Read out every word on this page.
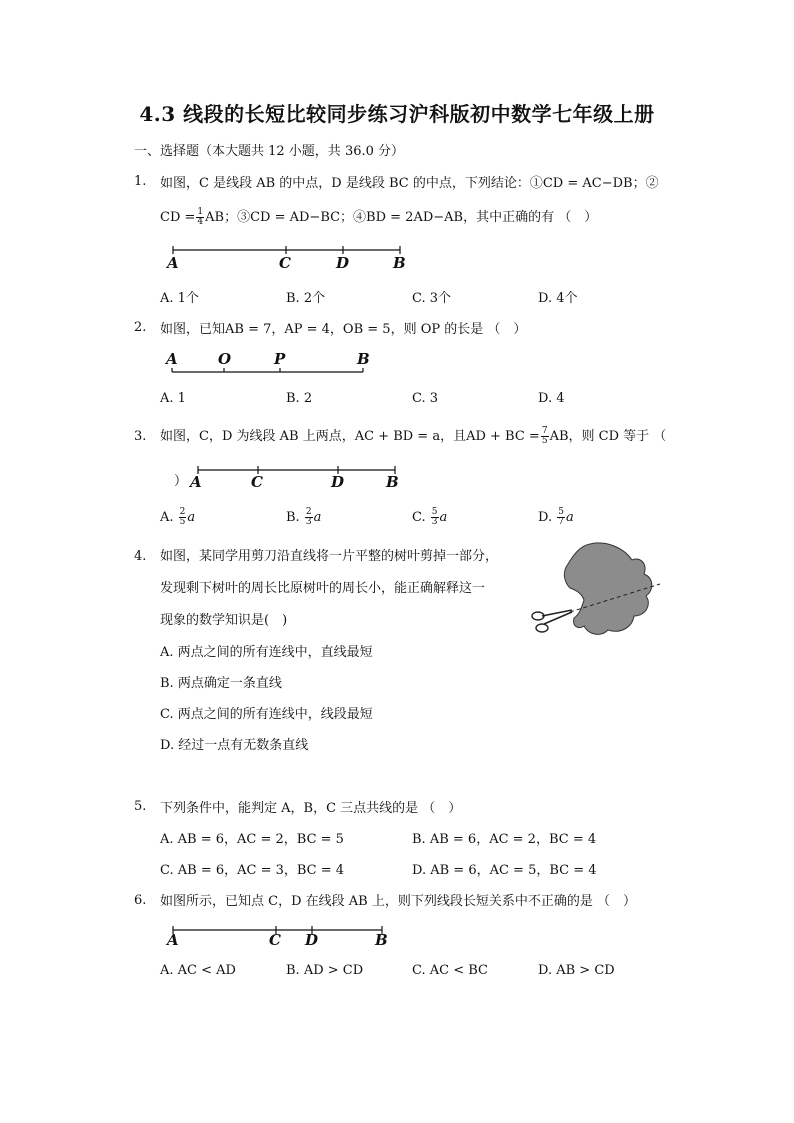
4.3 线段的长短比较同步练习沪科版初中数学七年级上册
一、选择题（本大题共 12 小题，共 36.0 分）
1. 如图，C 是线段 AB 的中点，D 是线段 BC 的中点，下列结论：①CD = AC−DB；②
CD = $\frac{1}{4}$ AB；③CD = AD−BC；④BD = 2AD−AB，其中正确的有 （　）
A	C	D	B
A. 1个	B. 2个	C. 3个	D. 4个
2. 如图，已知AB = 7，AP = 4，OB = 5，则 OP 的长是 （　）
A	O	P	B
A. 1	B. 2	C. 3	D. 4
3. 如图，C，D 为线段 AB 上两点，AC + BD = a，且AD + BC = $\frac{7}{5}$ AB，则 CD 等于 （
） A	C	D	B
A. $\frac{2}{5}$ a	B. $\frac{2}{3}$ a	C. $\frac{5}{3}$ a	D. $\frac{5}{7}$ a
4. 如图，某同学用剪刀沿直线将一片平整的树叶剪掉一部分，
发现剩下树叶的周长比原树叶的周长小，能正确解释这一
现象的数学知识是(　)
A. 两点之间的所有连线中，直线最短
B. 两点确定一条直线
C. 两点之间的所有连线中，线段最短
D. 经过一点有无数条直线
5. 下列条件中，能判定 A，B，C 三点共线的是 （　）
A. AB = 6，AC = 2，BC = 5	B. AB = 6，AC = 2，BC = 4
C. AB = 6，AC = 3，BC = 4	D. AB = 6，AC = 5，BC = 4
6. 如图所示，已知点 C，D 在线段 AB 上，则下列线段长短关系中不正确的是 （　）
A	C D	B
A. AC < AD	B. AD > CD	C. AC < BC	D. AB > CD
